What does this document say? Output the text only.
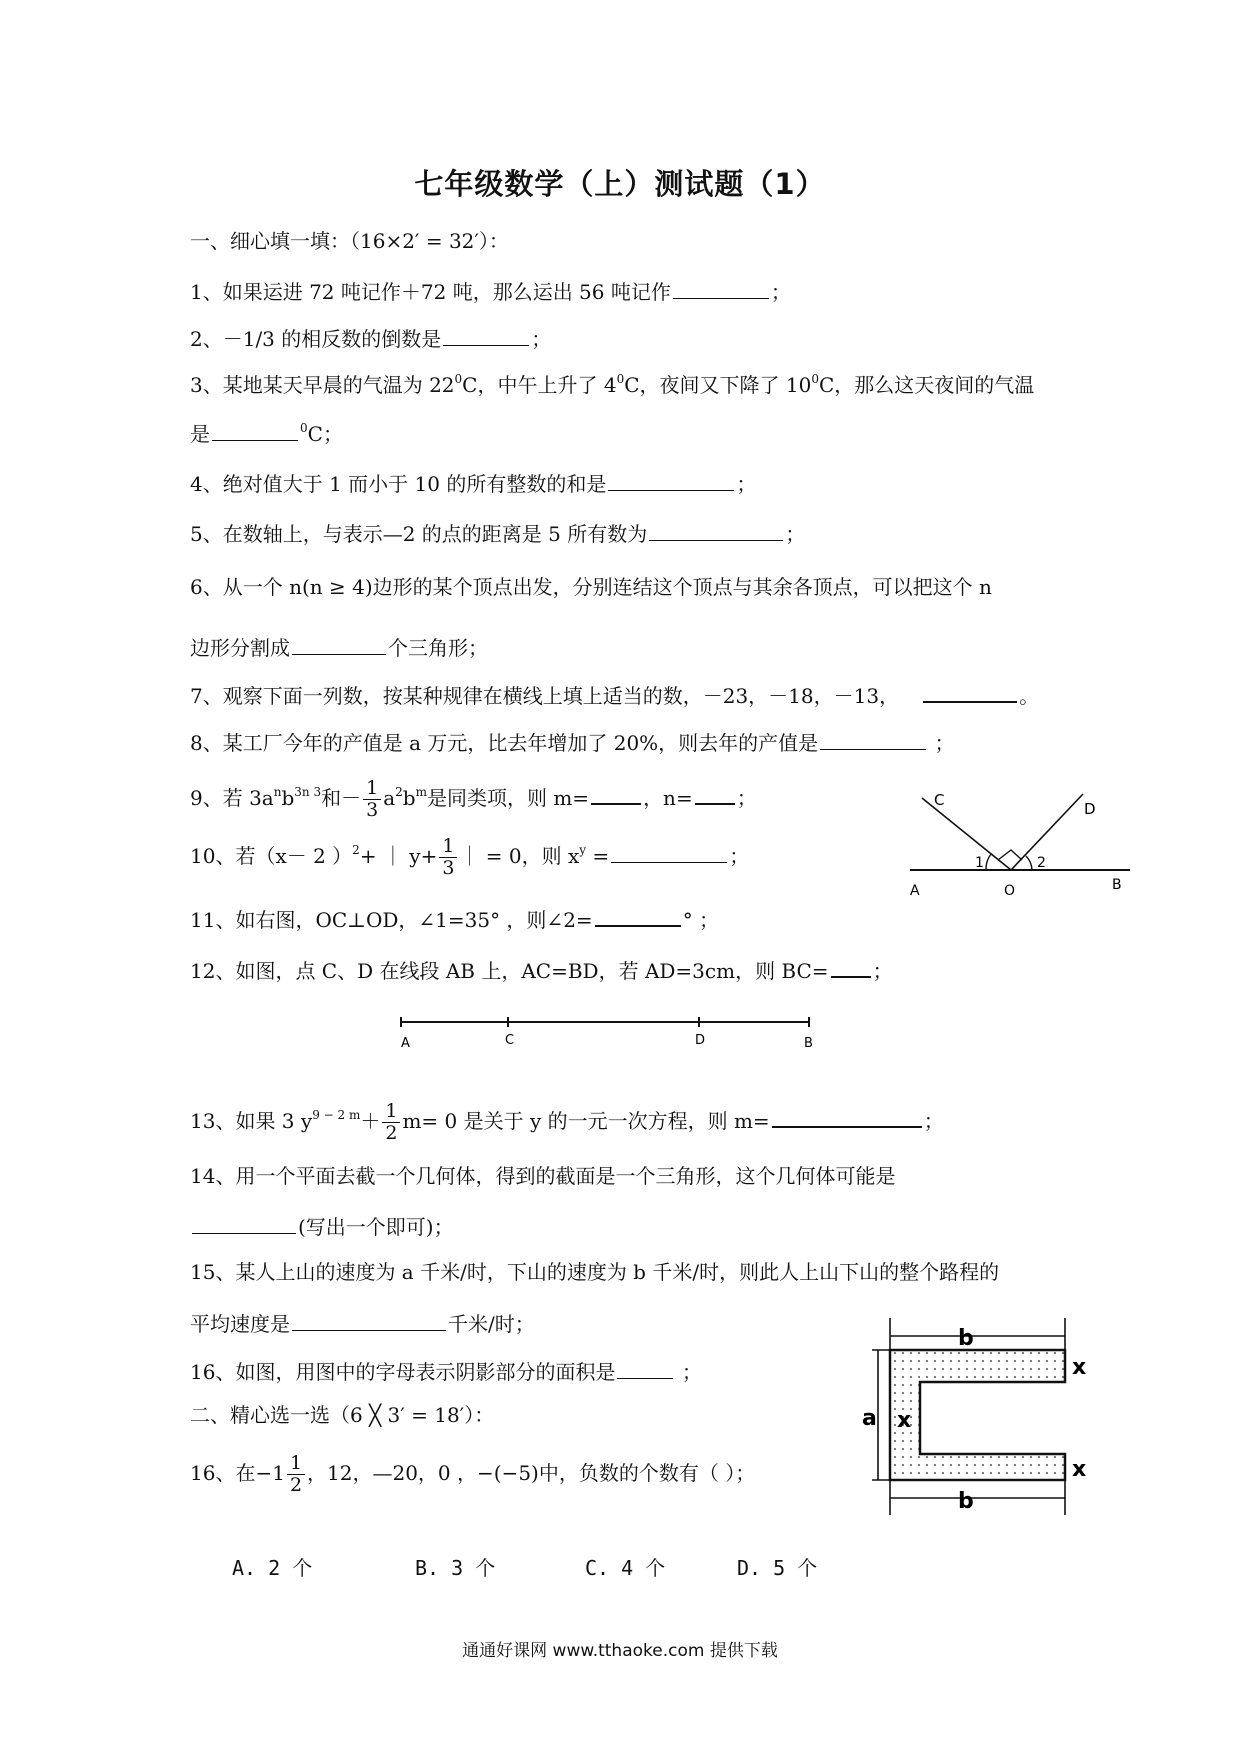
七年级数学（上）测试题（1）
一、细心填一填：（16×2′ = 32′）：
1、如果运进 72 吨记作＋72 吨，那么运出 56 吨记作	；
2、－1/3 的相反数的倒数是	；
3、某地某天早晨的气温为 $22^0C$，中午上升了 $4^0C$，夜间又下降了 $10^0C$，那么这天夜间的气温
是	$^0$C；
4、绝对值大于 1 而小于 10 的所有整数的和是	；
5、在数轴上，与表示—2 的点的距离是 5 所有数为	；
6、从一个 n(n ≥ 4)边形的某个顶点出发，分别连结这个顶点与其余各顶点，可以把这个 n
边形分割成	个三角形；
7、观察下面一列数，按某种规律在横线上填上适当的数，－23，－18，－13，	。
8、某工厂今年的产值是 a 万元，比去年增加了 20%，则去年的产值是	；
9、若 $3a^nb^{3n 3}$和－ $\frac{1}{3} a^2b^m$是同类项，则 m=	，n= ；
10、若（x－ 2 ）$^2$+ ｜ $y+ \frac{1}{3}$ ｜ = 0，则 $x^y$ =	；
11、如右图，OC⊥OD，∠1=35° ，则∠2=	° ；
12、如图，点 C、D 在线段 AB 上，AC=BD，若 AD=3cm，则 BC= ；
13、如果 3 $y^{9 - 2 m}+ \frac{1}{2} m= 0$ 是关于 y 的一元一次方程，则 m=	；
14、用一个平面去截一个几何体，得到的截面是一个三角形，这个几何体可能是
(写出一个即可)；
15、某人上山的速度为 a 千米/时，下山的速度为 b 千米/时，则此人上山下山的整个路程的
平均速度是	千米/时；
16、如图，用图中的字母表示阴影部分的面积是	；
二、精心选一选（6 ╳ 3′ = 18′）：
16、在$-1 \frac{1}{2}$ ，12，—20，0 ，−(−5)中，负数的个数有（ ）；
A. 2 个	B. 3 个	C. 4 个	D. 5 个
通通好课网 www.tthaoke.com 提供下载
C	D
A	O	B
1	2
A	C	D	B
b
b
a x
x
x
